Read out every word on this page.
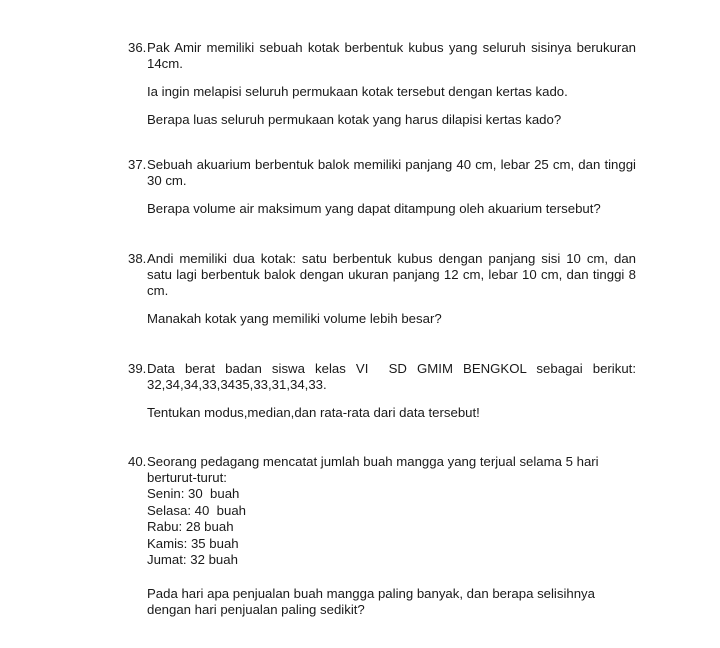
36. Pak Amir memiliki sebuah kotak berbentuk kubus yang seluruh sisinya berukuran 14cm.

Ia ingin melapisi seluruh permukaan kotak tersebut dengan kertas kado.

Berapa luas seluruh permukaan kotak yang harus dilapisi kertas kado?

37. Sebuah akuarium berbentuk balok memiliki panjang 40 cm, lebar 25 cm, dan tinggi 30 cm.

Berapa volume air maksimum yang dapat ditampung oleh akuarium tersebut?

38. Andi memiliki dua kotak: satu berbentuk kubus dengan panjang sisi 10 cm, dan satu lagi berbentuk balok dengan ukuran panjang 12 cm, lebar 10 cm, dan tinggi 8 cm.

Manakah kotak yang memiliki volume lebih besar?

39. Data berat badan siswa kelas VI  SD GMIM BENGKOL sebagai berikut: 32,34,34,33,3435,33,31,34,33.

Tentukan modus,median,dan rata-rata dari data tersebut!

40. Seorang pedagang mencatat jumlah buah mangga yang terjual selama 5 hari berturut-turut:

Senin: 30  buah
Selasa: 40  buah
Rabu: 28 buah
Kamis: 35 buah
Jumat: 32 buah

Pada hari apa penjualan buah mangga paling banyak, dan berapa selisihnya dengan hari penjualan paling sedikit?
